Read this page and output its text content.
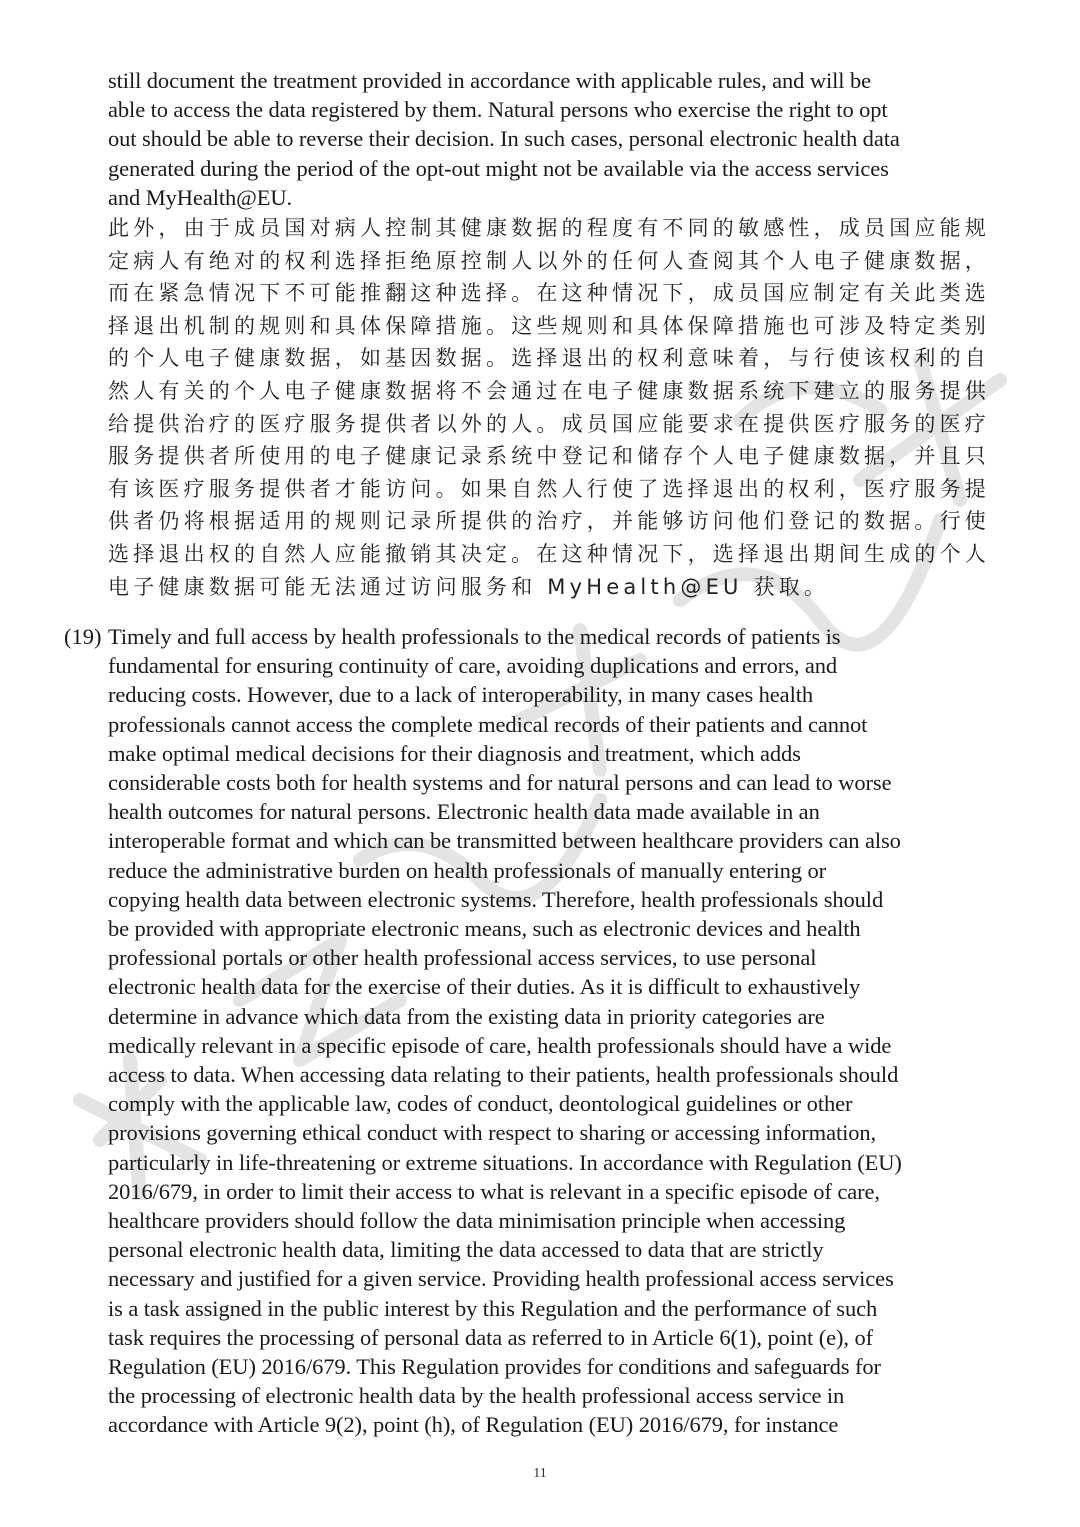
still document the treatment provided in accordance with applicable rules, and will be
able to access the data registered by them. Natural persons who exercise the right to opt
out should be able to reverse their decision. In such cases, personal electronic health data
generated during the period of the opt-out might not be available via the access services
and MyHealth@EU.
此外，由于成员国对病人控制其健康数据的程度有不同的敏感性，成员国应能规
定病人有绝对的权利选择拒绝原控制人以外的任何人查阅其个人电子健康数据，
而在紧急情况下不可能推翻这种选择。在这种情况下，成员国应制定有关此类选
择退出机制的规则和具体保障措施。这些规则和具体保障措施也可涉及特定类别
的个人电子健康数据，如基因数据。选择退出的权利意味着，与行使该权利的自
然人有关的个人电子健康数据将不会通过在电子健康数据系统下建立的服务提供
给提供治疗的医疗服务提供者以外的人。成员国应能要求在提供医疗服务的医疗
服务提供者所使用的电子健康记录系统中登记和储存个人电子健康数据，并且只
有该医疗服务提供者才能访问。如果自然人行使了选择退出的权利，医疗服务提
供者仍将根据适用的规则记录所提供的治疗，并能够访问他们登记的数据。行使
选择退出权的自然人应能撤销其决定。在这种情况下，选择退出期间生成的个人
电子健康数据可能无法通过访问服务和 MyHealth@EU 获取。
(19) Timely and full access by health professionals to the medical records of patients is
fundamental for ensuring continuity of care, avoiding duplications and errors, and
reducing costs. However, due to a lack of interoperability, in many cases health
professionals cannot access the complete medical records of their patients and cannot
make optimal medical decisions for their diagnosis and treatment, which adds
considerable costs both for health systems and for natural persons and can lead to worse
health outcomes for natural persons. Electronic health data made available in an
interoperable format and which can be transmitted between healthcare providers can also
reduce the administrative burden on health professionals of manually entering or
copying health data between electronic systems. Therefore, health professionals should
be provided with appropriate electronic means, such as electronic devices and health
professional portals or other health professional access services, to use personal
electronic health data for the exercise of their duties. As it is difficult to exhaustively
determine in advance which data from the existing data in priority categories are
medically relevant in a specific episode of care, health professionals should have a wide
access to data. When accessing data relating to their patients, health professionals should
comply with the applicable law, codes of conduct, deontological guidelines or other
provisions governing ethical conduct with respect to sharing or accessing information,
particularly in life-threatening or extreme situations. In accordance with Regulation (EU)
2016/679, in order to limit their access to what is relevant in a specific episode of care,
healthcare providers should follow the data minimisation principle when accessing
personal electronic health data, limiting the data accessed to data that are strictly
necessary and justified for a given service. Providing health professional access services
is a task assigned in the public interest by this Regulation and the performance of such
task requires the processing of personal data as referred to in Article 6(1), point (e), of
Regulation (EU) 2016/679. This Regulation provides for conditions and safeguards for
the processing of electronic health data by the health professional access service in
accordance with Article 9(2), point (h), of Regulation (EU) 2016/679, for instance
11
